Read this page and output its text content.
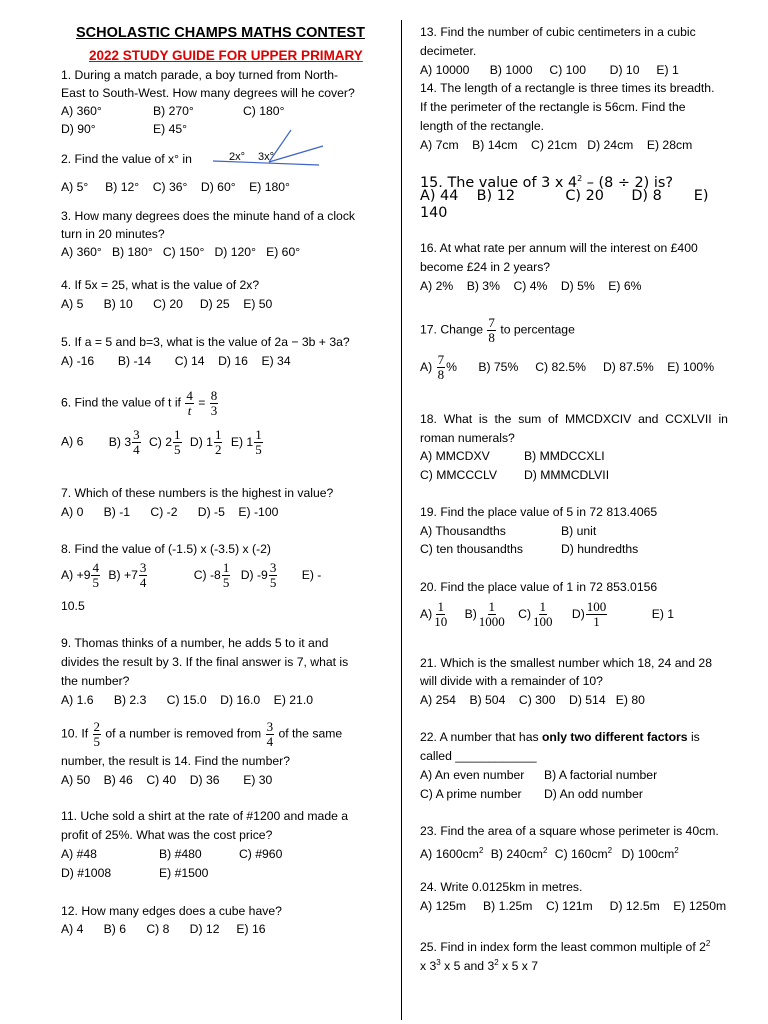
SCHOLASTIC CHAMPS MATHS CONTEST
2022 STUDY GUIDE FOR UPPER PRIMARY
1. During a match parade, a boy turned from North-
East to South-West. How many degrees will he cover?
A) 360°	B) 270°	C) 180°
D) 90°	E) 45°
2. Find the value of x° in	2x° 3x°
A) 5°     B) 12°    C) 36°    D) 60°    E) 180°
3. How many degrees does the minute hand of a clock
turn in 20 minutes?
A) 360°   B) 180°   C) 150°   D) 120°   E) 60°
4. If 5x = 25, what is the value of 2x?
A) 5      B) 10      C) 20     D) 25    E) 50
5. If a = 5 and b=3, what is the value of 2a − 3b + 3a?
A) -16       B) -14       C) 14    D) 16    E) 34
6. Find the value of t if $\frac{4}{t} = \frac{8}{3}$
A) 6 B) $3 \frac{3}{4} C$) $2 \frac{1}{5} D$) $1 \frac{1}{2} E$) $1 \frac{1}{5}$
7. Which of these numbers is the highest in value?
A) 0      B) -1      C) -2      D) -5    E) -100
8. Find the value of (-1.5) x (-3.5) x (-2)
$A) +9 \frac{4}{5} B) +7 \frac{3}{4}$	C) $-8 \frac{1}{5} D$) $-9 \frac{3}{5} E$) -
10.5
9. Thomas thinks of a number, he adds 5 to it and
divides the result by 3. If the final answer is 7, what is
the number?
A) 1.6      B) 2.3      C) 15.0    D) 16.0    E) 21.0
10. If $\frac{2}{5}$ of a number is removed from $\frac{3}{4}$ of the same
number, the result is 14. Find the number?
A) 50    B) 46    C) 40    D) 36       E) 30
11. Uche sold a shirt at the rate of #1200 and made a
profit of 25%. What was the cost price?
A) #48	B) #480	C) #960
D) #1008	E) #1500
12. How many edges does a cube have?
A) 4      B) 6      C) 8      D) 12     E) 16
13. Find the number of cubic centimeters in a cubic
decimeter.
A) 10000      B) 1000     C) 100       D) 10     E) 1
14. The length of a rectangle is three times its breadth.
If the perimeter of the rectangle is 56cm. Find the
length of the rectangle.
A) 7cm    B) 14cm    C) 21cm   D) 24cm    E) 28cm
15. The value of 3 x $4^2 - (8 \div 2)$ is?
A) 44    B) 12           C) 20      D) 8       E)
140
16. At what rate per annum will the interest on £400
become £24 in 2 years?
A) 2%    B) 3%    C) 4%    D) 5%    E) 6%
17. Change $\frac{7}{8}$ to percentage
$A) \frac{7}{8}$ % B) 75%     C) 82.5%     D) 87.5%    E) 100%
18.  What  is  the  sum  of  MMCDXCIV  and  CCXLVII  in
roman numerals?
A) MMCDXV	B) MMDCCXLI
C) MMCCCLV D) MMMCDLVII
19. Find the place value of 5 in 72 813.4065
A) Thousandths	B) unit
C) ten thousandths	D) hundredths
20. Find the place value of 1 in 72 853.0156
$A) \frac{1}{10} B) \frac{1}{1000} C) \frac{1}{100} D) \frac{100}{1}$	E) 1
21. Which is the smallest number which 18, 24 and 28
will divide with a remainder of 10?
A) 254    B) 504    C) 300    D) 514   E) 80
22. A number that has only two different factors is
called ____________
A) An even number B) A factorial number
C) A prime number D) An odd number
23. Find the area of a square whose perimeter is 40cm.
A) $1600cm^2$ B) $240cm^2$ C) $160cm^2$ D) $100cm^2$
24. Write 0.0125km in metres.
A) 125m     B) 1.25m    C) 121m     D) 12.5m    E) 1250m
25. Find in index form the least common multiple of $2^2$
x $3^3$ x 5 and $3^2$ x 5 x 7
